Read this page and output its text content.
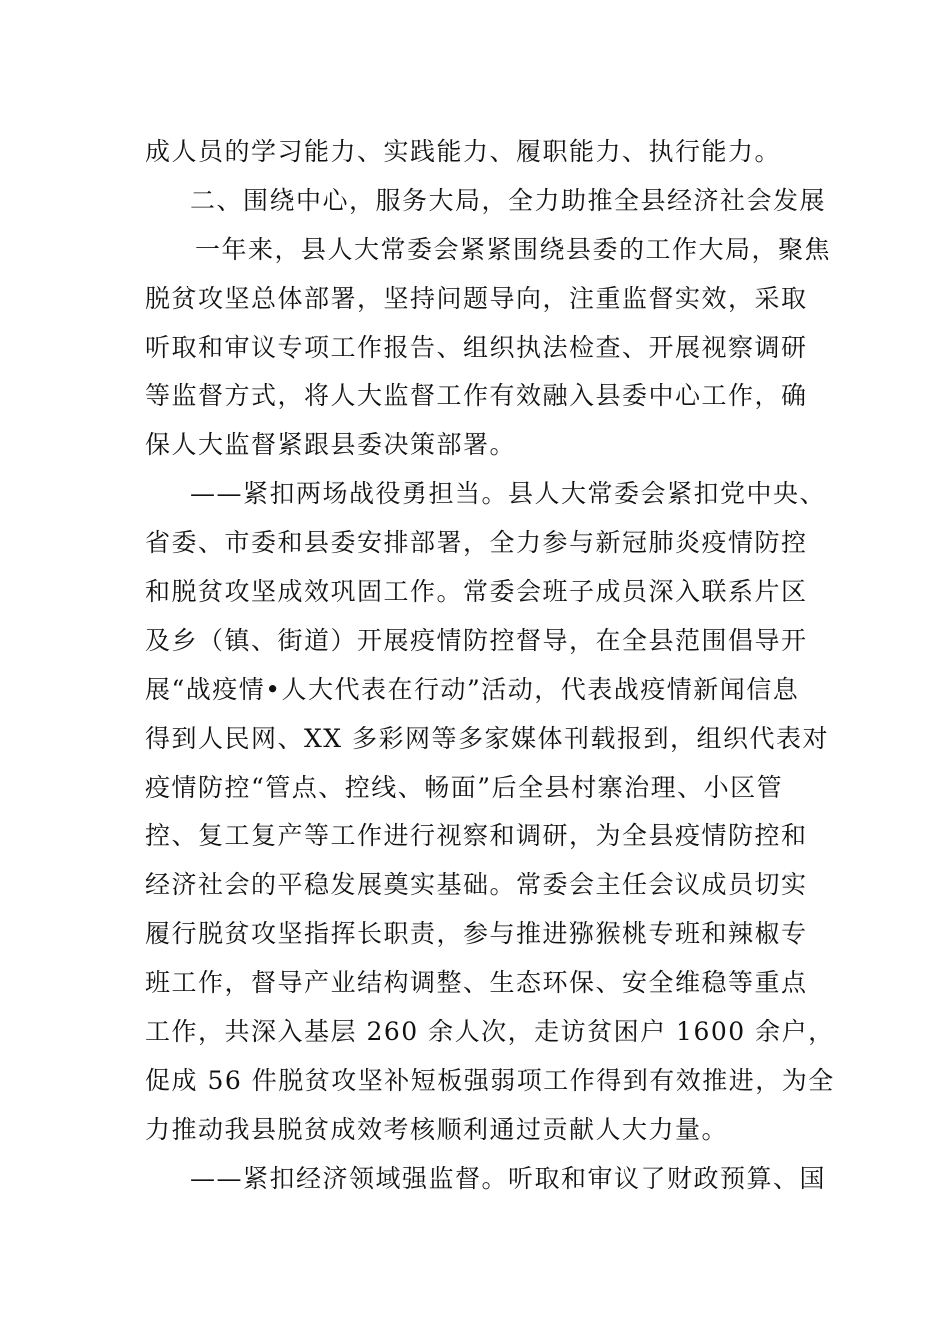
成人员的学习能力、实践能力、履职能力、执行能力。
二、围绕中心，服务大局，全力助推全县经济社会发展
一年来，县人大常委会紧紧围绕县委的工作大局，聚焦
脱贫攻坚总体部署，坚持问题导向，注重监督实效，采取
听取和审议专项工作报告、组织执法检查、开展视察调研
等监督方式，将人大监督工作有效融入县委中心工作，确
保人大监督紧跟县委决策部署。
——紧扣两场战役勇担当。县人大常委会紧扣党中央、
省委、市委和县委安排部署，全力参与新冠肺炎疫情防控
和脱贫攻坚成效巩固工作。常委会班子成员深入联系片区
及乡（镇、街道）开展疫情防控督导，在全县范围倡导开
展“战疫情•人大代表在行动”活动，代表战疫情新闻信息
得到人民网、XX 多彩网等多家媒体刊载报到，组织代表对
疫情防控“管点、控线、畅面”后全县村寨治理、小区管
控、复工复产等工作进行视察和调研，为全县疫情防控和
经济社会的平稳发展奠实基础。常委会主任会议成员切实
履行脱贫攻坚指挥长职责，参与推进猕猴桃专班和辣椒专
班工作，督导产业结构调整、生态环保、安全维稳等重点
工作，共深入基层 260 余人次，走访贫困户 1600 余户，
促成 56 件脱贫攻坚补短板强弱项工作得到有效推进，为全
力推动我县脱贫成效考核顺利通过贡献人大力量。
——紧扣经济领域强监督。听取和审议了财政预算、国
